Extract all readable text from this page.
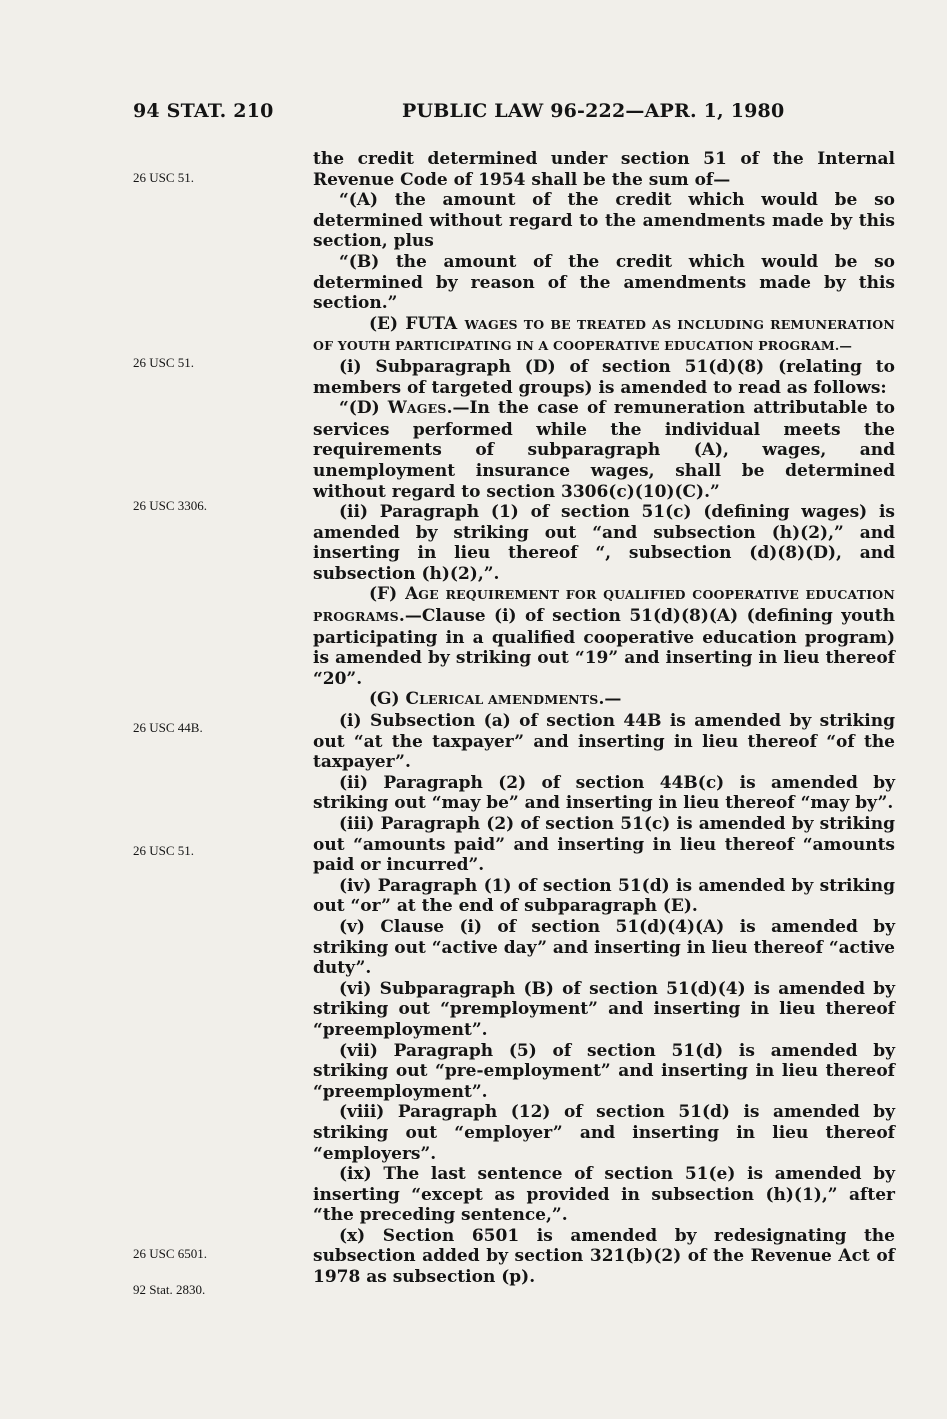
94 STAT. 210	PUBLIC LAW 96-222—APR. 1, 1980
26 USC 51.
26 USC 51.
26 USC 3306.
26 USC 44B.
26 USC 51.
26 USC 6501.
92 Stat. 2830.

the credit determined under section 51 of the Internal Revenue Code of 1954 shall be the sum of—

“(A) the amount of the credit which would be so determined without regard to the amendments made by this section, plus

“(B) the amount of the credit which would be so determined by reason of the amendments made by this section.”

(E) FUTA WAGES TO BE TREATED AS INCLUDING REMUNERATION OF YOUTH PARTICIPATING IN A COOPERATIVE EDUCATION PROGRAM.—

(i) Subparagraph (D) of section 51(d)(8) (relating to members of targeted groups) is amended to read as follows:

“(D) WAGES.—In the case of remuneration attributable to services performed while the individual meets the requirements of subparagraph (A), wages, and unemployment insurance wages, shall be determined without regard to section 3306(c)(10)(C).”

(ii) Paragraph (1) of section 51(c) (defining wages) is amended by striking out “and subsection (h)(2),” and inserting in lieu thereof “, subsection (d)(8)(D), and subsection (h)(2),”.

(F) AGE REQUIREMENT FOR QUALIFIED COOPERATIVE EDUCATION PROGRAMS.—Clause (i) of section 51(d)(8)(A) (defining youth participating in a qualified cooperative education program) is amended by striking out “19” and inserting in lieu thereof “20”.

(G) CLERICAL AMENDMENTS.—

(i) Subsection (a) of section 44B is amended by striking out “at the taxpayer” and inserting in lieu thereof “of the taxpayer”.

(ii) Paragraph (2) of section 44B(c) is amended by striking out “may be” and inserting in lieu thereof “may by”.

(iii) Paragraph (2) of section 51(c) is amended by striking out “amounts paid” and inserting in lieu thereof “amounts paid or incurred”.

(iv) Paragraph (1) of section 51(d) is amended by striking out “or” at the end of subparagraph (E).

(v) Clause (i) of section 51(d)(4)(A) is amended by striking out “active day” and inserting in lieu thereof “active duty”.

(vi) Subparagraph (B) of section 51(d)(4) is amended by striking out “premployment” and inserting in lieu thereof “preemployment”.

(vii) Paragraph (5) of section 51(d) is amended by striking out “pre-employment” and inserting in lieu thereof “preemployment”.

(viii) Paragraph (12) of section 51(d) is amended by striking out “employer” and inserting in lieu thereof “employers”.

(ix) The last sentence of section 51(e) is amended by inserting “except as provided in subsection (h)(1),” after “the preceding sentence,”.

(x) Section 6501 is amended by redesignating the subsection added by section 321(b)(2) of the Revenue Act of 1978 as subsection (p).
